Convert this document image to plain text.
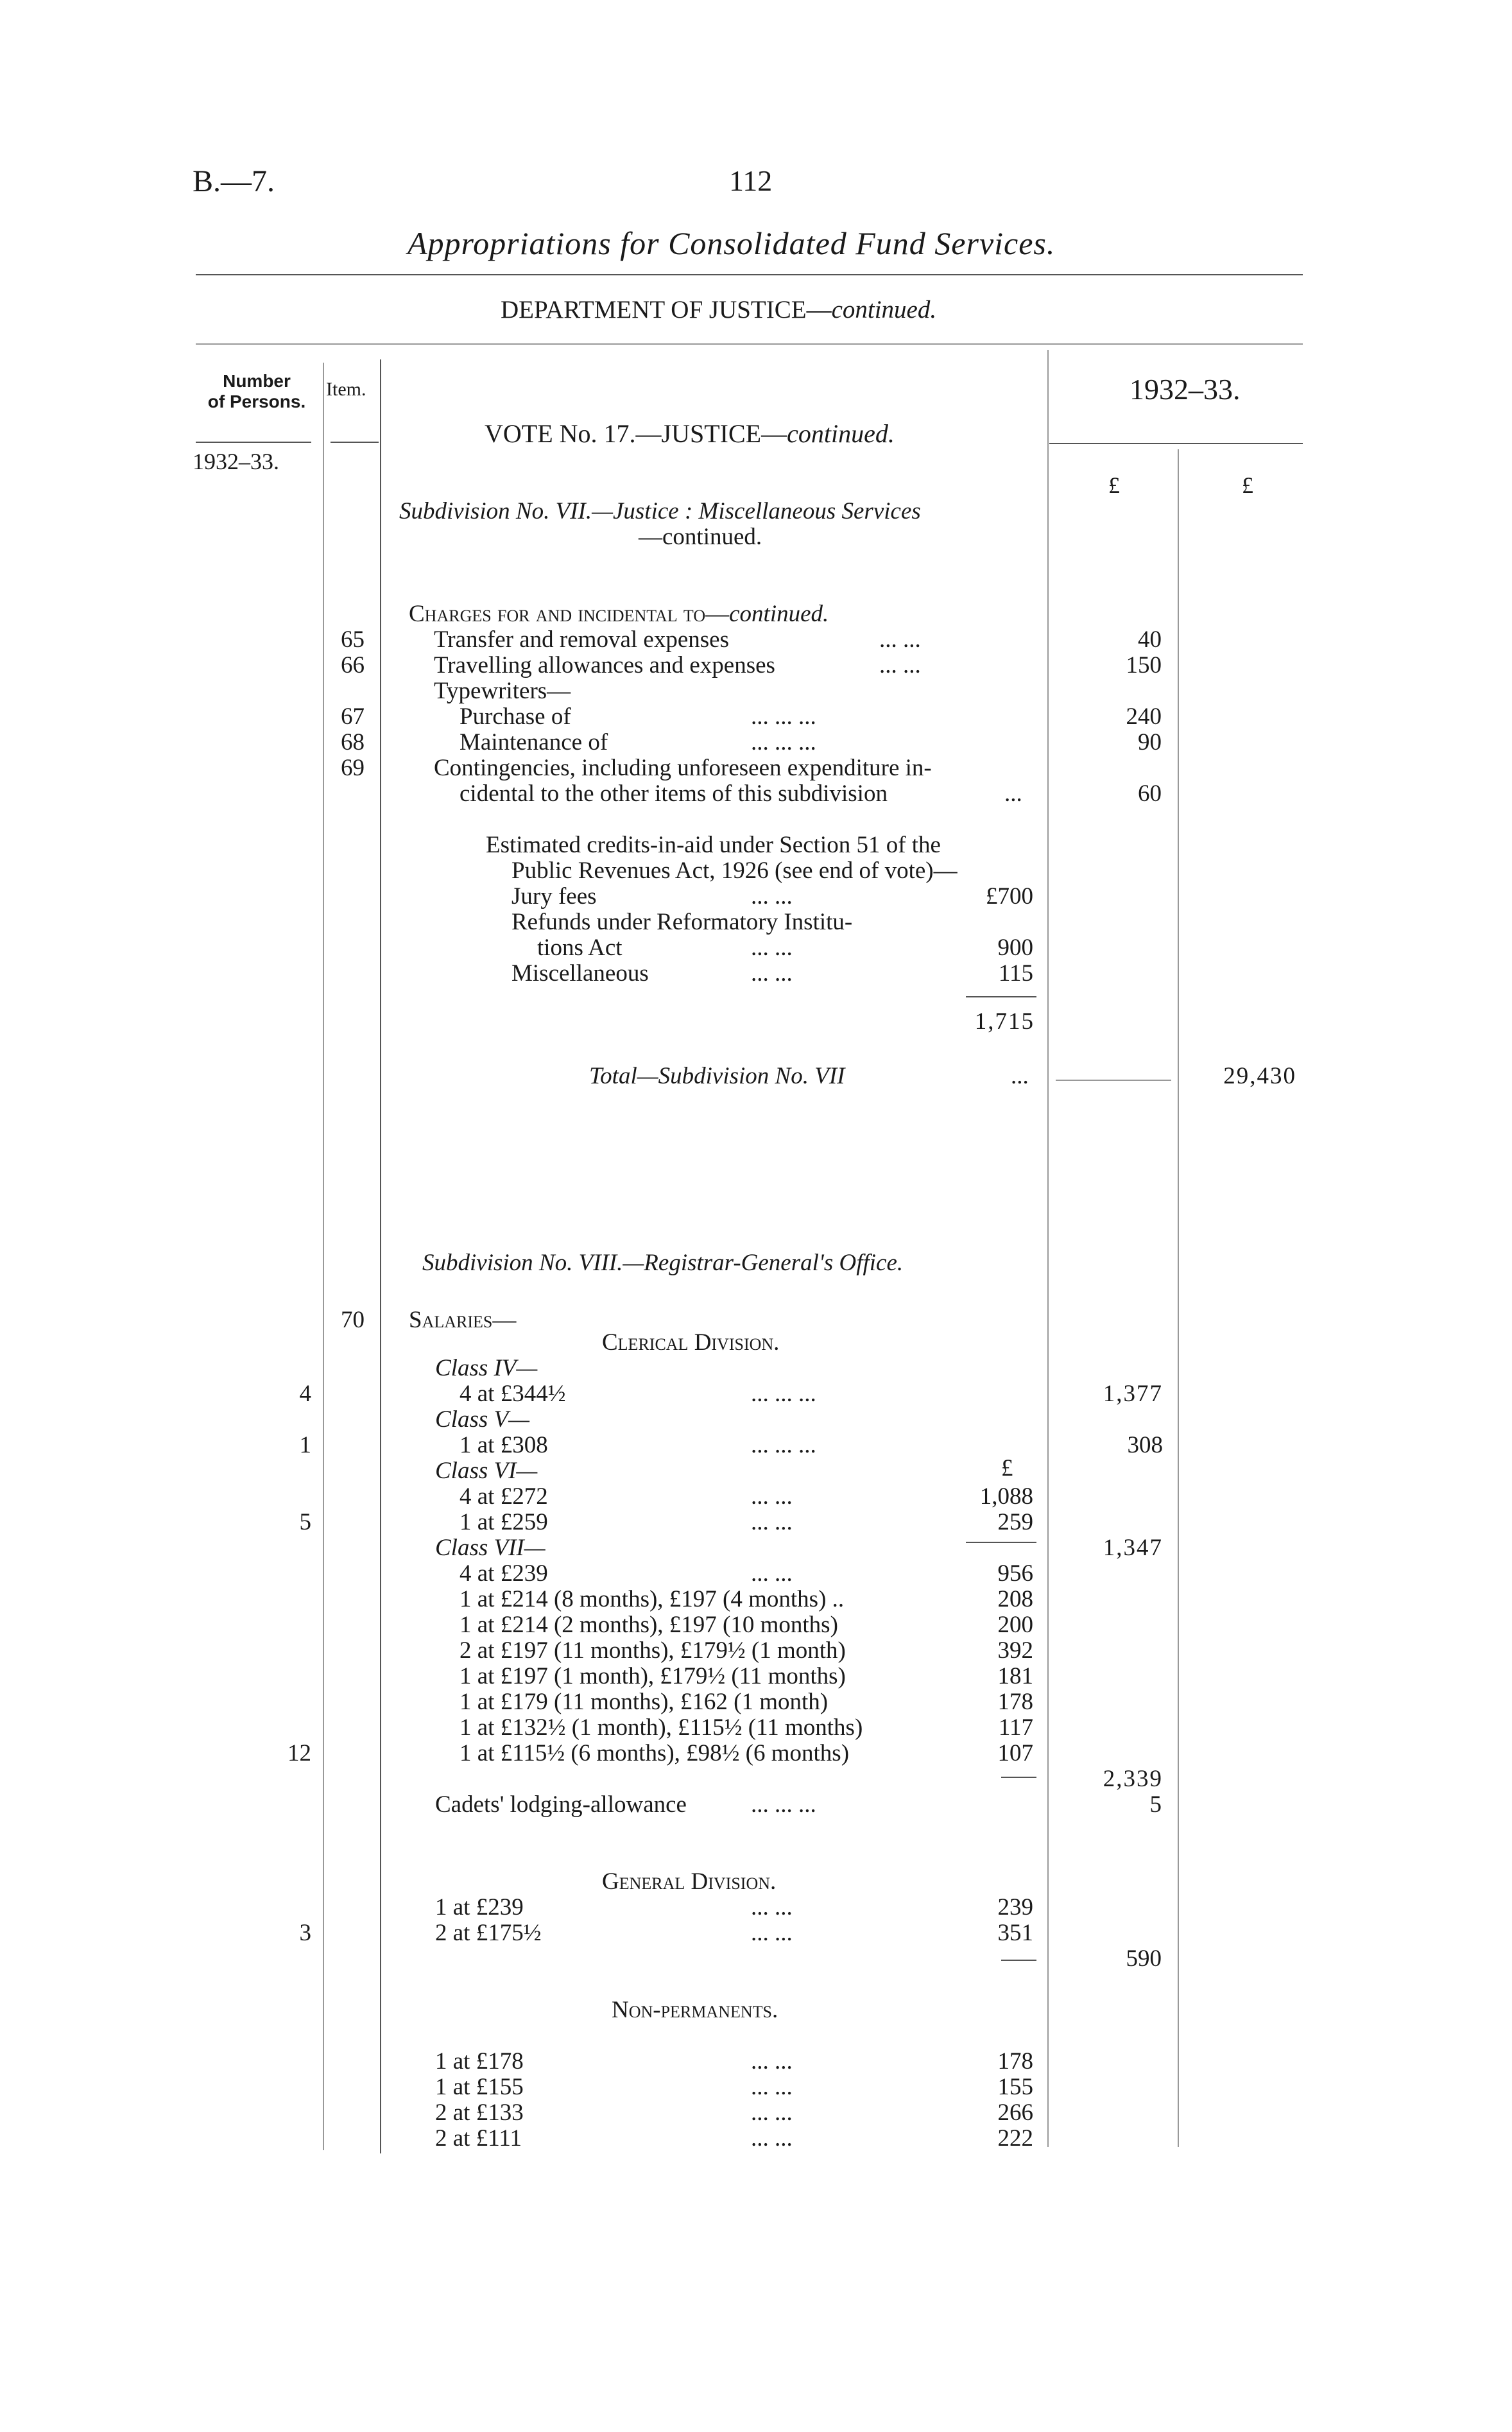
B.—7.	112
Appropriations for Consolidated Fund Services.
DEPARTMENT OF JUSTICE—continued.
Number
of Persons.
Item.	1932–33.
1932–33.
£	£
VOTE No. 17.—JUSTICE—continued.
Subdivision No. VII.—Justice : Miscellaneous Services
—continued.
Charges for and incidental to—continued.
65	Transfer and removal expenses	... ...	40
66	Travelling allowances and expenses	... ...	150
Typewriters—
67	Purchase of	... ... ...	240
68	Maintenance of	... ... ...	90
69	Contingencies, including unforeseen expenditure in-
cidental to the other items of this subdivision	...	60
Estimated credits-in-aid under Section 51 of the
Public Revenues Act, 1926 (see end of vote)—
Jury fees	... ...	£700
Refunds under Reformatory Institu-
tions Act	... ...	900
Miscellaneous	... ...	115
1,715
Total—Subdivision No. VII	...	29,430
Subdivision No. VIII.—Registrar-General's Office.
70 Salaries—
Clerical Division.
Class IV—
4	4 at £344½	... ... ...	1,377
Class V—
1	1 at £308	... ... ...	308
Class VI—	£
4 at £272	... ...	1,088
5	1 at £259	... ...	259
1,347
Class VII—
4 at £239	... ...	956
1 at £214 (8 months), £197 (4 months) ..	208
1 at £214 (2 months), £197 (10 months)	200
2 at £197 (11 months), £179½ (1 month)	392
1 at £197 (1 month), £179½ (11 months)	181
1 at £179 (11 months), £162 (1 month)	178
1 at £132½ (1 month), £115½ (11 months)	117
12	1 at £115½ (6 months), £98½ (6 months)	107
2,339
Cadets' lodging-allowance	... ... ...	5
General Division.
1 at £239	... ...	239
3	2 at £175½	... ...	351
590
Non-permanents.
1 at £178	... ...	178
1 at £155	... ...	155
2 at £133	... ...	266
2 at £111	... ...	222
